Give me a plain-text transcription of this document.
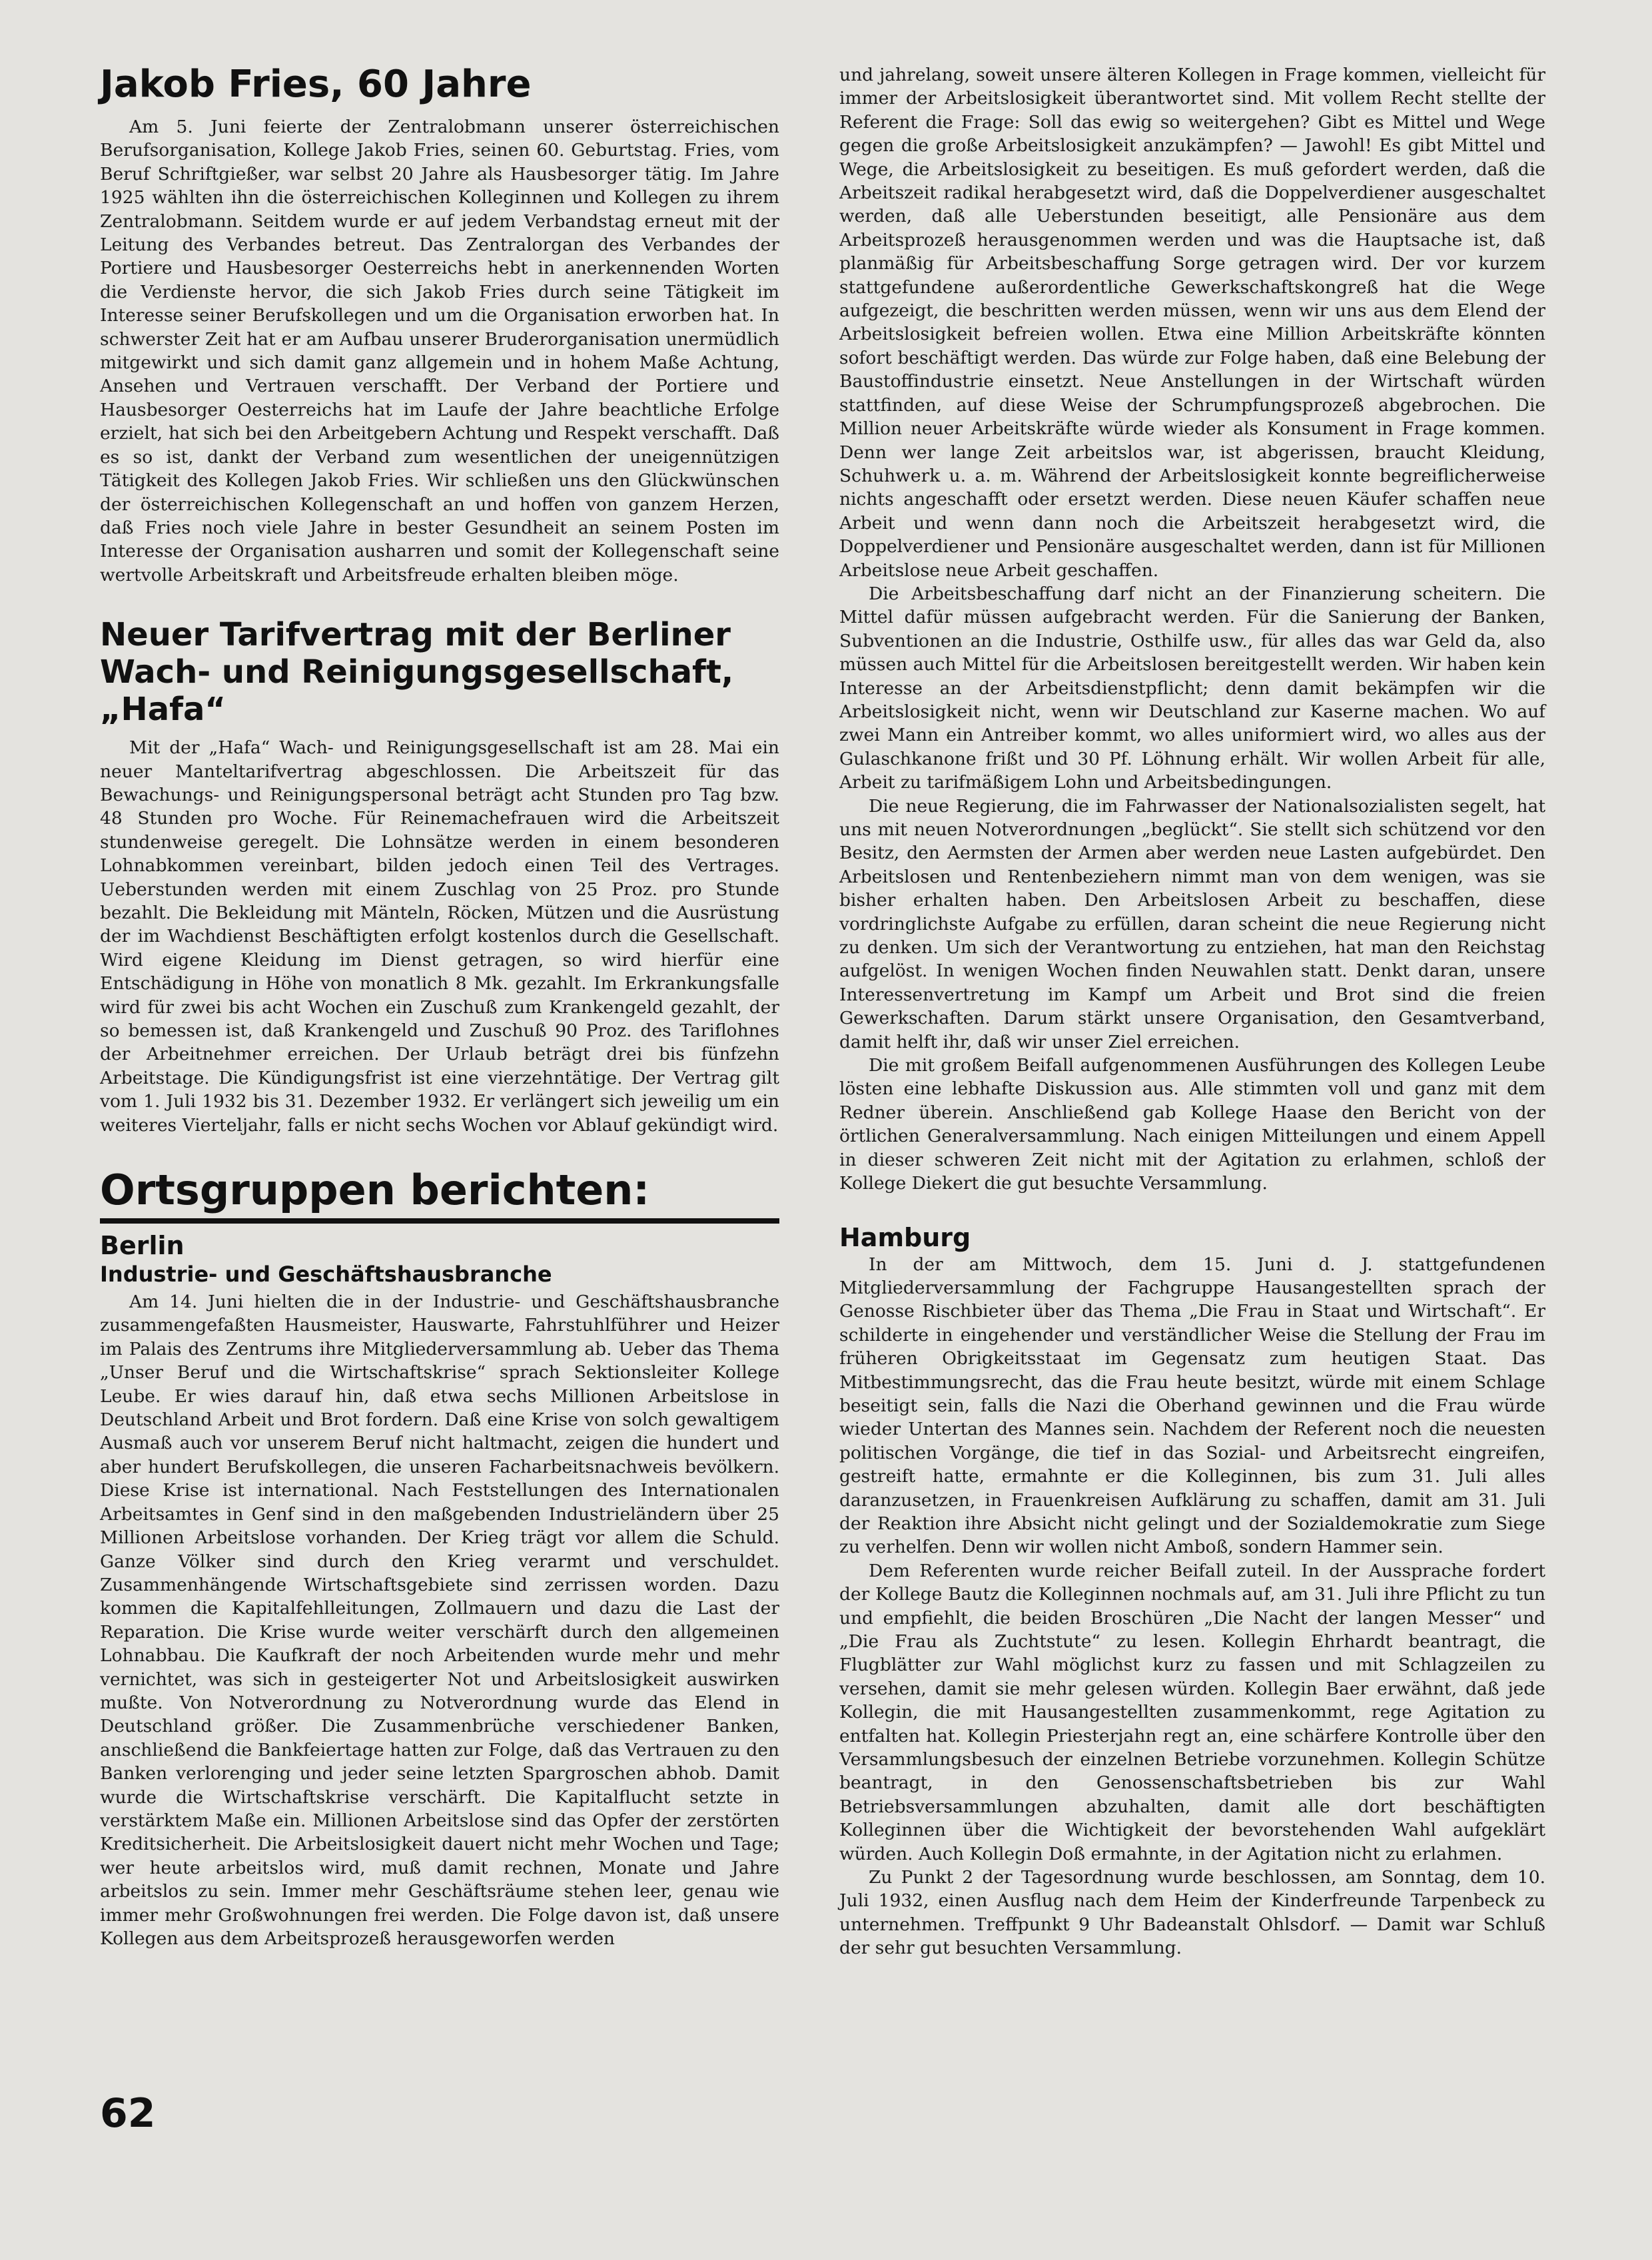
Jakob Fries, 60 Jahre

Am 5. Juni feierte der Zentralobmann unserer österreichischen Berufsorganisation, Kollege Jakob Fries, seinen 60. Geburtstag. Fries, vom Beruf Schriftgießer, war selbst 20 Jahre als Hausbesorger tätig. Im Jahre 1925 wählten ihn die österreichischen Kolleginnen und Kollegen zu ihrem Zentralobmann. Seitdem wurde er auf jedem Verbandstag erneut mit der Leitung des Verbandes betreut. Das Zentralorgan des Verbandes der Portiere und Hausbesorger Oesterreichs hebt in anerkennenden Worten die Verdienste hervor, die sich Jakob Fries durch seine Tätigkeit im Interesse seiner Berufskollegen und um die Organisation erworben hat. In schwerster Zeit hat er am Aufbau unserer Bruderorganisation unermüdlich mitgewirkt und sich damit ganz allgemein und in hohem Maße Achtung, Ansehen und Vertrauen verschafft. Der Verband der Portiere und Hausbesorger Oesterreichs hat im Laufe der Jahre beachtliche Erfolge erzielt, hat sich bei den Arbeitgebern Achtung und Respekt verschafft. Daß es so ist, dankt der Verband zum wesentlichen der uneigennützigen Tätigkeit des Kollegen Jakob Fries. Wir schließen uns den Glückwünschen der österreichischen Kollegenschaft an und hoffen von ganzem Herzen, daß Fries noch viele Jahre in bester Gesundheit an seinem Posten im Interesse der Organisation ausharren und somit der Kollegenschaft seine wertvolle Arbeitskraft und Arbeitsfreude erhalten bleiben möge.

Neuer Tarifvertrag mit der Berliner Wach- und Reinigungsgesellschaft, „Hafa“

Mit der „Hafa“ Wach- und Reinigungsgesellschaft ist am 28. Mai ein neuer Manteltarifvertrag abgeschlossen. Die Arbeitszeit für das Bewachungs- und Reinigungspersonal beträgt acht Stunden pro Tag bzw. 48 Stunden pro Woche. Für Reinemachefrauen wird die Arbeitszeit stundenweise geregelt. Die Lohnsätze werden in einem besonderen Lohnabkommen vereinbart, bilden jedoch einen Teil des Vertrages. Ueberstunden werden mit einem Zuschlag von 25 Proz. pro Stunde bezahlt. Die Bekleidung mit Mänteln, Röcken, Mützen und die Ausrüstung der im Wachdienst Beschäftigten erfolgt kostenlos durch die Gesellschaft. Wird eigene Kleidung im Dienst getragen, so wird hierfür eine Entschädigung in Höhe von monatlich 8 Mk. gezahlt. Im Erkrankungsfalle wird für zwei bis acht Wochen ein Zuschuß zum Krankengeld gezahlt, der so bemessen ist, daß Krankengeld und Zuschuß 90 Proz. des Tariflohnes der Arbeitnehmer erreichen. Der Urlaub beträgt drei bis fünfzehn Arbeitstage. Die Kündigungsfrist ist eine vierzehntätige. Der Vertrag gilt vom 1. Juli 1932 bis 31. Dezember 1932. Er verlängert sich jeweilig um ein weiteres Vierteljahr, falls er nicht sechs Wochen vor Ablauf gekündigt wird.

Ortsgruppen berichten:
Berlin
Industrie- und Geschäftshausbranche

Am 14. Juni hielten die in der Industrie- und Geschäftshausbranche zusammengefaßten Hausmeister, Hauswarte, Fahrstuhlführer und Heizer im Palais des Zentrums ihre Mitgliederversammlung ab. Ueber das Thema „Unser Beruf und die Wirtschaftskrise“ sprach Sektionsleiter Kollege Leube. Er wies darauf hin, daß etwa sechs Millionen Arbeitslose in Deutschland Arbeit und Brot fordern. Daß eine Krise von solch gewaltigem Ausmaß auch vor unserem Beruf nicht haltmacht, zeigen die hundert und aber hundert Berufskollegen, die unseren Facharbeitsnachweis bevölkern. Diese Krise ist international. Nach Feststellungen des Internationalen Arbeitsamtes in Genf sind in den maßgebenden Industrieländern über 25 Millionen Arbeitslose vorhanden. Der Krieg trägt vor allem die Schuld. Ganze Völker sind durch den Krieg verarmt und verschuldet. Zusammenhängende Wirtschaftsgebiete sind zerrissen worden. Dazu kommen die Kapitalfehlleitungen, Zollmauern und dazu die Last der Reparation. Die Krise wurde weiter verschärft durch den allgemeinen Lohnabbau. Die Kaufkraft der noch Arbeitenden wurde mehr und mehr vernichtet, was sich in gesteigerter Not und Arbeitslosigkeit auswirken mußte. Von Notverordnung zu Notverordnung wurde das Elend in Deutschland größer. Die Zusammenbrüche verschiedener Banken, anschließend die Bankfeiertage hatten zur Folge, daß das Vertrauen zu den Banken verlorenging und jeder seine letzten Spargroschen abhob. Damit wurde die Wirtschaftskrise verschärft. Die Kapitalflucht setzte in verstärktem Maße ein. Millionen Arbeitslose sind das Opfer der zerstörten Kreditsicherheit. Die Arbeitslosigkeit dauert nicht mehr Wochen und Tage; wer heute arbeitslos wird, muß damit rechnen, Monate und Jahre arbeitslos zu sein. Immer mehr Geschäftsräume stehen leer, genau wie immer mehr Großwohnungen frei werden. Die Folge davon ist, daß unsere Kollegen aus dem Arbeitsprozeß herausgeworfen werden

und jahrelang, soweit unsere älteren Kollegen in Frage kommen, vielleicht für immer der Arbeitslosigkeit überantwortet sind. Mit vollem Recht stellte der Referent die Frage: Soll das ewig so weitergehen? Gibt es Mittel und Wege gegen die große Arbeitslosigkeit anzukämpfen? — Jawohl! Es gibt Mittel und Wege, die Arbeitslosigkeit zu beseitigen. Es muß gefordert werden, daß die Arbeitszeit radikal herabgesetzt wird, daß die Doppelverdiener ausgeschaltet werden, daß alle Ueberstunden beseitigt, alle Pensionäre aus dem Arbeitsprozeß herausgenommen werden und was die Hauptsache ist, daß planmäßig für Arbeitsbeschaffung Sorge getragen wird. Der vor kurzem stattgefundene außerordentliche Gewerkschaftskongreß hat die Wege aufgezeigt, die beschritten werden müssen, wenn wir uns aus dem Elend der Arbeitslosigkeit befreien wollen. Etwa eine Million Arbeitskräfte könnten sofort beschäftigt werden. Das würde zur Folge haben, daß eine Belebung der Baustoffindustrie einsetzt. Neue Anstellungen in der Wirtschaft würden stattfinden, auf diese Weise der Schrumpfungsprozeß abgebrochen. Die Million neuer Arbeitskräfte würde wieder als Konsument in Frage kommen. Denn wer lange Zeit arbeitslos war, ist abgerissen, braucht Kleidung, Schuhwerk u. a. m. Während der Arbeitslosigkeit konnte begreiflicherweise nichts angeschafft oder ersetzt werden. Diese neuen Käufer schaffen neue Arbeit und wenn dann noch die Arbeitszeit herabgesetzt wird, die Doppelverdiener und Pensionäre ausgeschaltet werden, dann ist für Millionen Arbeitslose neue Arbeit geschaffen.

Die Arbeitsbeschaffung darf nicht an der Finanzierung scheitern. Die Mittel dafür müssen aufgebracht werden. Für die Sanierung der Banken, Subventionen an die Industrie, Osthilfe usw., für alles das war Geld da, also müssen auch Mittel für die Arbeitslosen bereitgestellt werden. Wir haben kein Interesse an der Arbeitsdienstpflicht; denn damit bekämpfen wir die Arbeitslosigkeit nicht, wenn wir Deutschland zur Kaserne machen. Wo auf zwei Mann ein Antreiber kommt, wo alles uniformiert wird, wo alles aus der Gulaschkanone frißt und 30 Pf. Löhnung erhält. Wir wollen Arbeit für alle, Arbeit zu tarifmäßigem Lohn und Arbeitsbedingungen.

Die neue Regierung, die im Fahrwasser der Nationalsozialisten segelt, hat uns mit neuen Notverordnungen „beglückt“. Sie stellt sich schützend vor den Besitz, den Aermsten der Armen aber werden neue Lasten aufgebürdet. Den Arbeitslosen und Rentenbeziehern nimmt man von dem wenigen, was sie bisher erhalten haben. Den Arbeitslosen Arbeit zu beschaffen, diese vordringlichste Aufgabe zu erfüllen, daran scheint die neue Regierung nicht zu denken. Um sich der Verantwortung zu entziehen, hat man den Reichstag aufgelöst. In wenigen Wochen finden Neuwahlen statt. Denkt daran, unsere Interessenvertretung im Kampf um Arbeit und Brot sind die freien Gewerkschaften. Darum stärkt unsere Organisation, den Gesamtverband, damit helft ihr, daß wir unser Ziel erreichen.

Die mit großem Beifall aufgenommenen Ausführungen des Kollegen Leube lösten eine lebhafte Diskussion aus. Alle stimmten voll und ganz mit dem Redner überein. Anschließend gab Kollege Haase den Bericht von der örtlichen Generalversammlung. Nach einigen Mitteilungen und einem Appell in dieser schweren Zeit nicht mit der Agitation zu erlahmen, schloß der Kollege Diekert die gut besuchte Versammlung.

Hamburg

In der am Mittwoch, dem 15. Juni d. J. stattgefundenen Mitgliederversammlung der Fachgruppe Hausangestellten sprach der Genosse Rischbieter über das Thema „Die Frau in Staat und Wirtschaft“. Er schilderte in eingehender und verständlicher Weise die Stellung der Frau im früheren Obrigkeitsstaat im Gegensatz zum heutigen Staat. Das Mitbestimmungsrecht, das die Frau heute besitzt, würde mit einem Schlage beseitigt sein, falls die Nazi die Oberhand gewinnen und die Frau würde wieder Untertan des Mannes sein. Nachdem der Referent noch die neuesten politischen Vorgänge, die tief in das Sozial- und Arbeitsrecht eingreifen, gestreift hatte, ermahnte er die Kolleginnen, bis zum 31. Juli alles daranzusetzen, in Frauenkreisen Aufklärung zu schaffen, damit am 31. Juli der Reaktion ihre Absicht nicht gelingt und der Sozialdemokratie zum Siege zu verhelfen. Denn wir wollen nicht Amboß, sondern Hammer sein.

Dem Referenten wurde reicher Beifall zuteil. In der Aussprache fordert der Kollege Bautz die Kolleginnen nochmals auf, am 31. Juli ihre Pflicht zu tun und empfiehlt, die beiden Broschüren „Die Nacht der langen Messer“ und „Die Frau als Zuchtstute“ zu lesen. Kollegin Ehrhardt beantragt, die Flugblätter zur Wahl möglichst kurz zu fassen und mit Schlagzeilen zu versehen, damit sie mehr gelesen würden. Kollegin Baer erwähnt, daß jede Kollegin, die mit Hausangestellten zusammenkommt, rege Agitation zu entfalten hat. Kollegin Priesterjahn regt an, eine schärfere Kontrolle über den Versammlungsbesuch der einzelnen Betriebe vorzunehmen. Kollegin Schütze beantragt, in den Genossenschaftsbetrieben bis zur Wahl Betriebsversammlungen abzuhalten, damit alle dort beschäftigten Kolleginnen über die Wichtigkeit der bevorstehenden Wahl aufgeklärt würden. Auch Kollegin Doß ermahnte, in der Agitation nicht zu erlahmen.

Zu Punkt 2 der Tagesordnung wurde beschlossen, am Sonntag, dem 10. Juli 1932, einen Ausflug nach dem Heim der Kinderfreunde Tarpenbeck zu unternehmen. Treffpunkt 9 Uhr Badeanstalt Ohlsdorf. — Damit war Schluß der sehr gut besuchten Versammlung.

62
